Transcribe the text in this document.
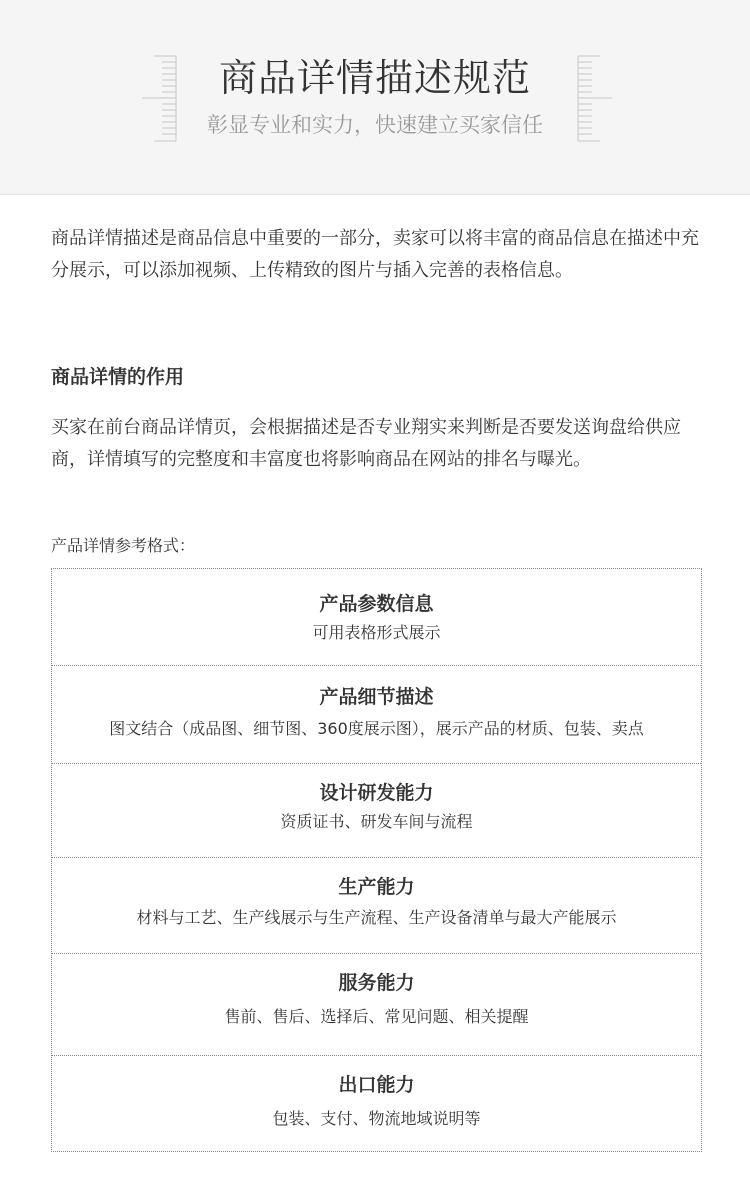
商品详情描述规范
彰显专业和实力，快速建立买家信任

商品详情描述是商品信息中重要的一部分，卖家可以将丰富的商品信息在描述中充分展示，可以添加视频、上传精致的图片与插入完善的表格信息。

商品详情的作用

买家在前台商品详情页，会根据描述是否专业翔实来判断是否要发送询盘给供应商，详情填写的完整度和丰富度也将影响商品在网站的排名与曝光。

产品详情参考格式：
产品参数信息
可用表格形式展示
产品细节描述
图文结合（成品图、细节图、360度展示图），展示产品的材质、包装、卖点
设计研发能力
资质证书、研发车间与流程
生产能力
材料与工艺、生产线展示与生产流程、生产设备清单与最大产能展示
服务能力
售前、售后、选择后、常见问题、相关提醒
出口能力
包装、支付、物流地域说明等
